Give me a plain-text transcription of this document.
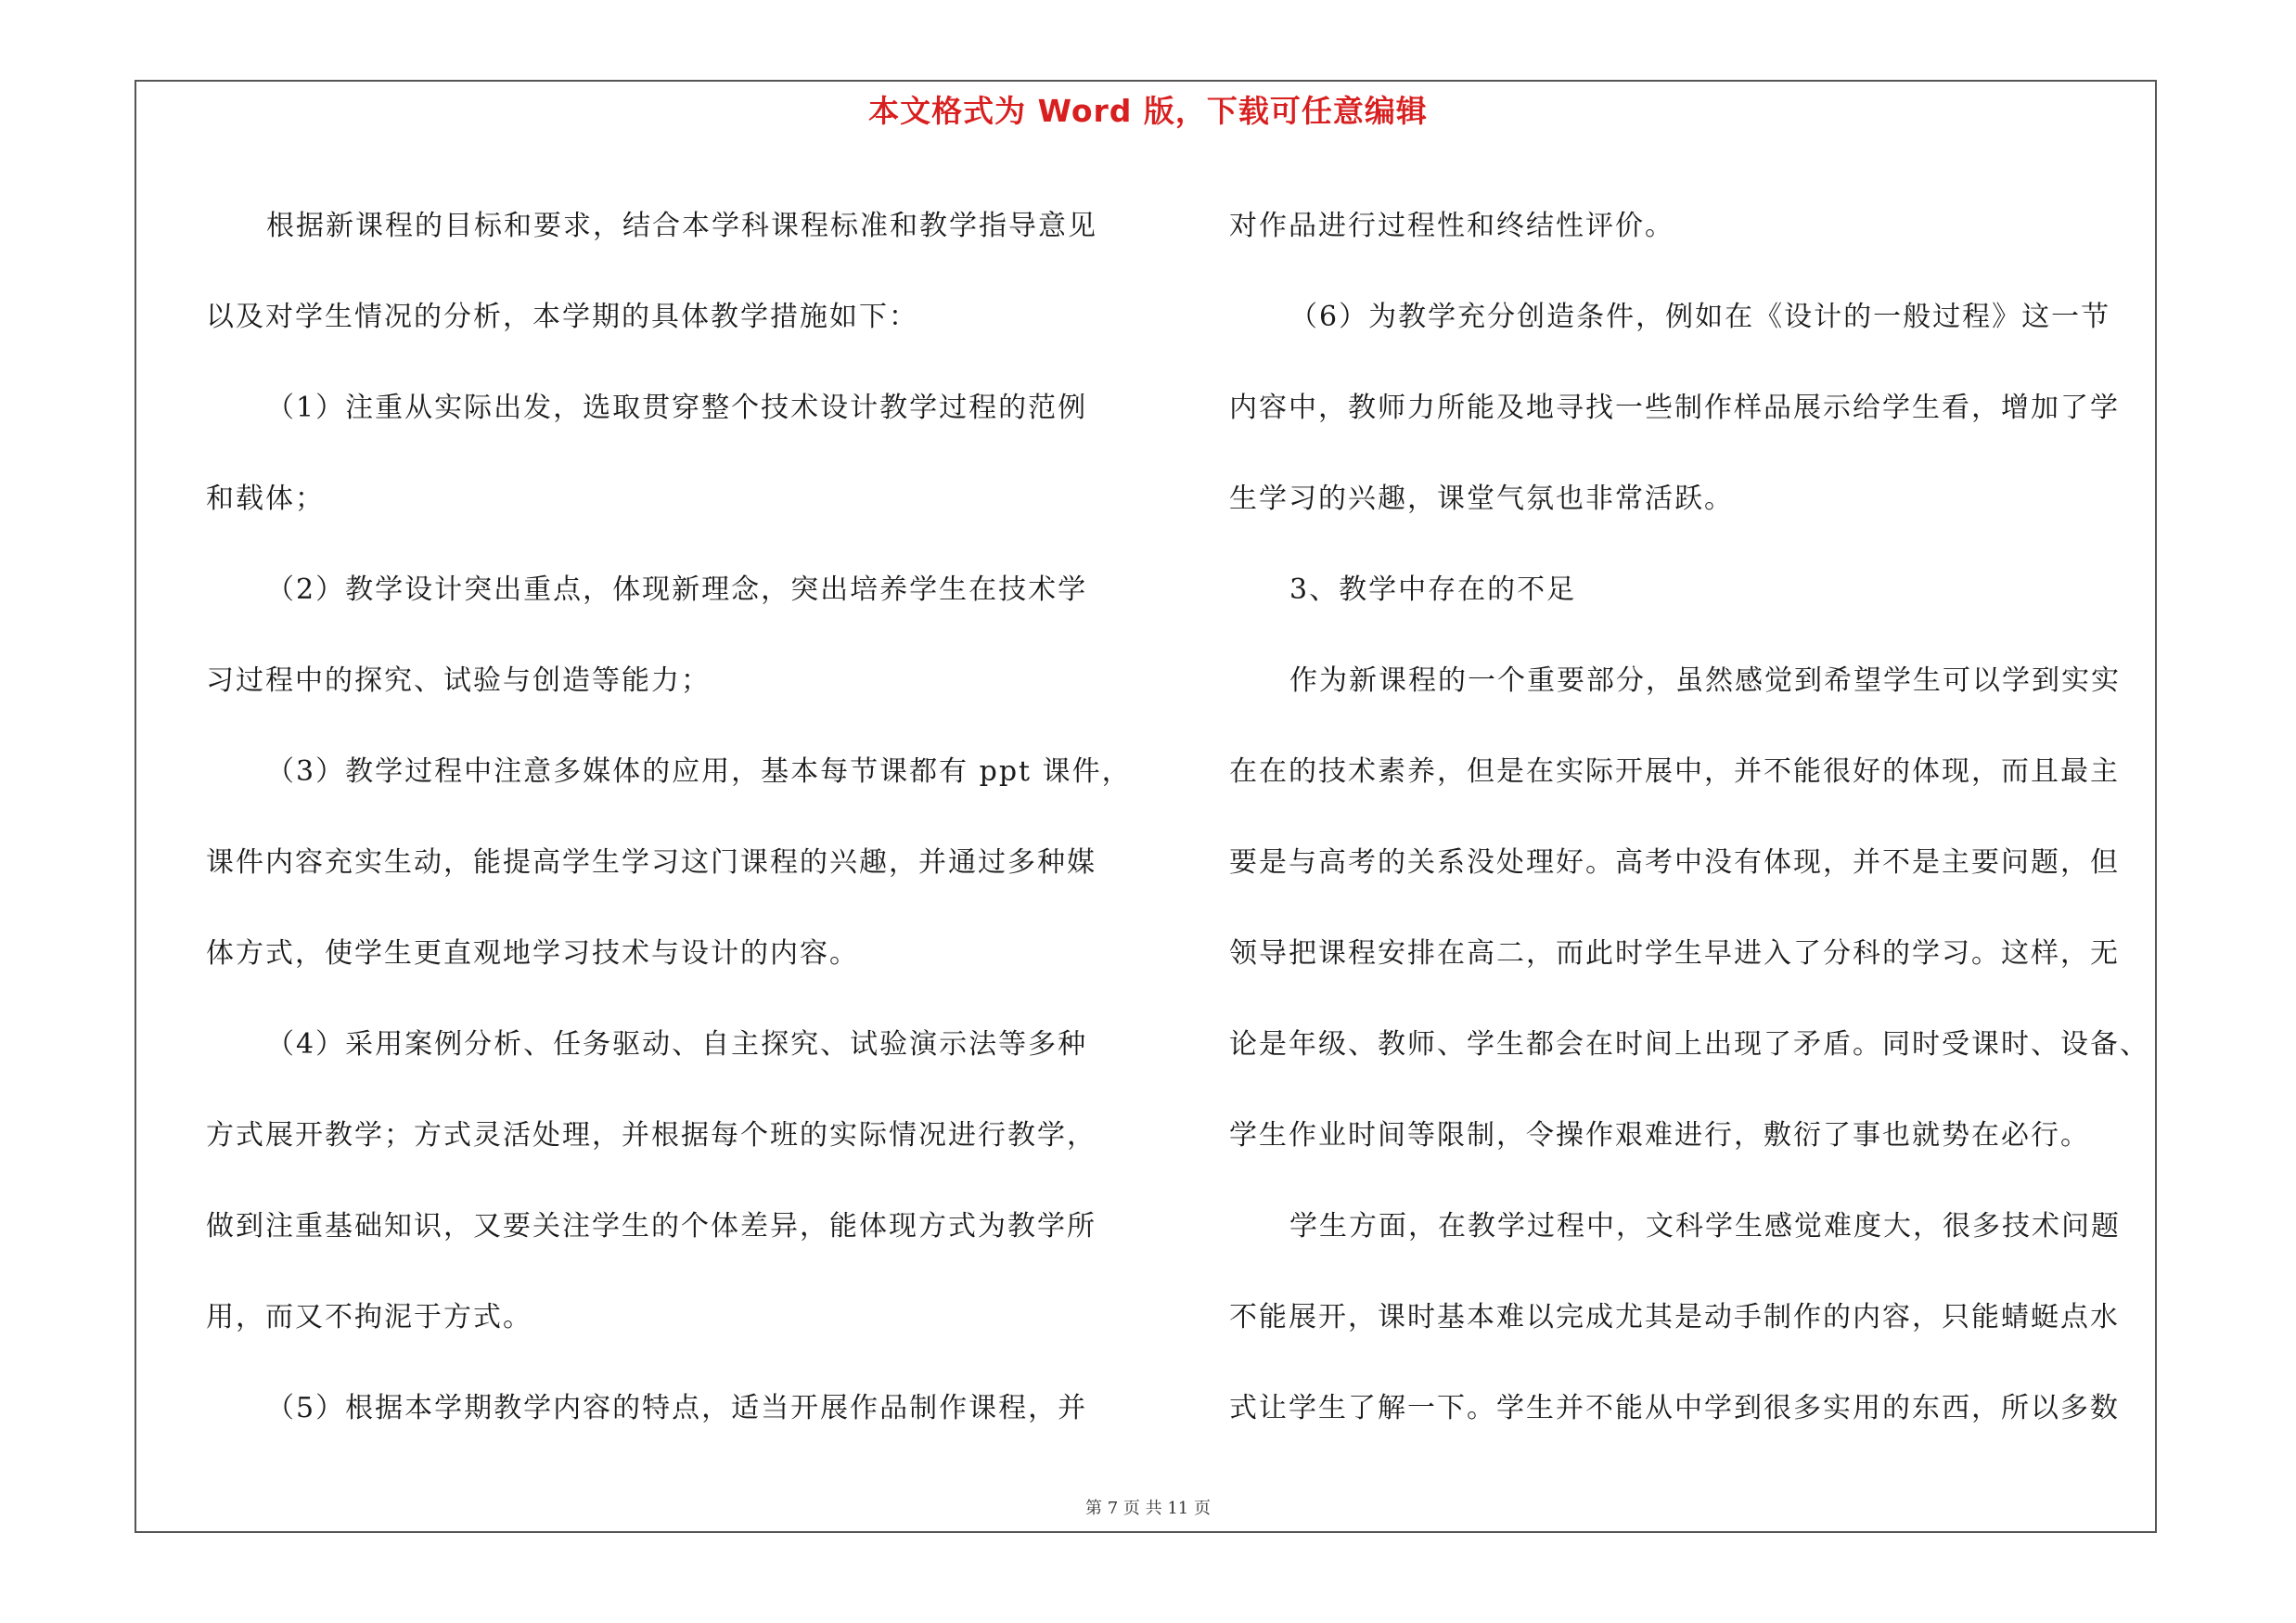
本文格式为 Word 版，下载可任意编辑
根据新课程的目标和要求，结合本学科课程标准和教学指导意见
以及对学生情况的分析，本学期的具体教学措施如下：
（1）注重从实际出发，选取贯穿整个技术设计教学过程的范例
和载体；
（2）教学设计突出重点，体现新理念，突出培养学生在技术学
习过程中的探究、试验与创造等能力；
（3）教学过程中注意多媒体的应用，基本每节课都有 ppt 课件，
课件内容充实生动，能提高学生学习这门课程的兴趣，并通过多种媒
体方式，使学生更直观地学习技术与设计的内容。
（4）采用案例分析、任务驱动、自主探究、试验演示法等多种
方式展开教学；方式灵活处理，并根据每个班的实际情况进行教学，
做到注重基础知识，又要关注学生的个体差异，能体现方式为教学所
用，而又不拘泥于方式。
（5）根据本学期教学内容的特点，适当开展作品制作课程，并
对作品进行过程性和终结性评价。
（6）为教学充分创造条件，例如在《设计的一般过程》这一节
内容中，教师力所能及地寻找一些制作样品展示给学生看，增加了学
生学习的兴趣，课堂气氛也非常活跃。
3、教学中存在的不足
作为新课程的一个重要部分，虽然感觉到希望学生可以学到实实
在在的技术素养，但是在实际开展中，并不能很好的体现，而且最主
要是与高考的关系没处理好。高考中没有体现，并不是主要问题，但
领导把课程安排在高二，而此时学生早进入了分科的学习。这样，无
论是年级、教师、学生都会在时间上出现了矛盾。同时受课时、设备、
学生作业时间等限制，令操作艰难进行，敷衍了事也就势在必行。
学生方面，在教学过程中，文科学生感觉难度大，很多技术问题
不能展开，课时基本难以完成尤其是动手制作的内容，只能蜻蜓点水
式让学生了解一下。学生并不能从中学到很多实用的东西，所以多数
第 7 页 共 11 页
